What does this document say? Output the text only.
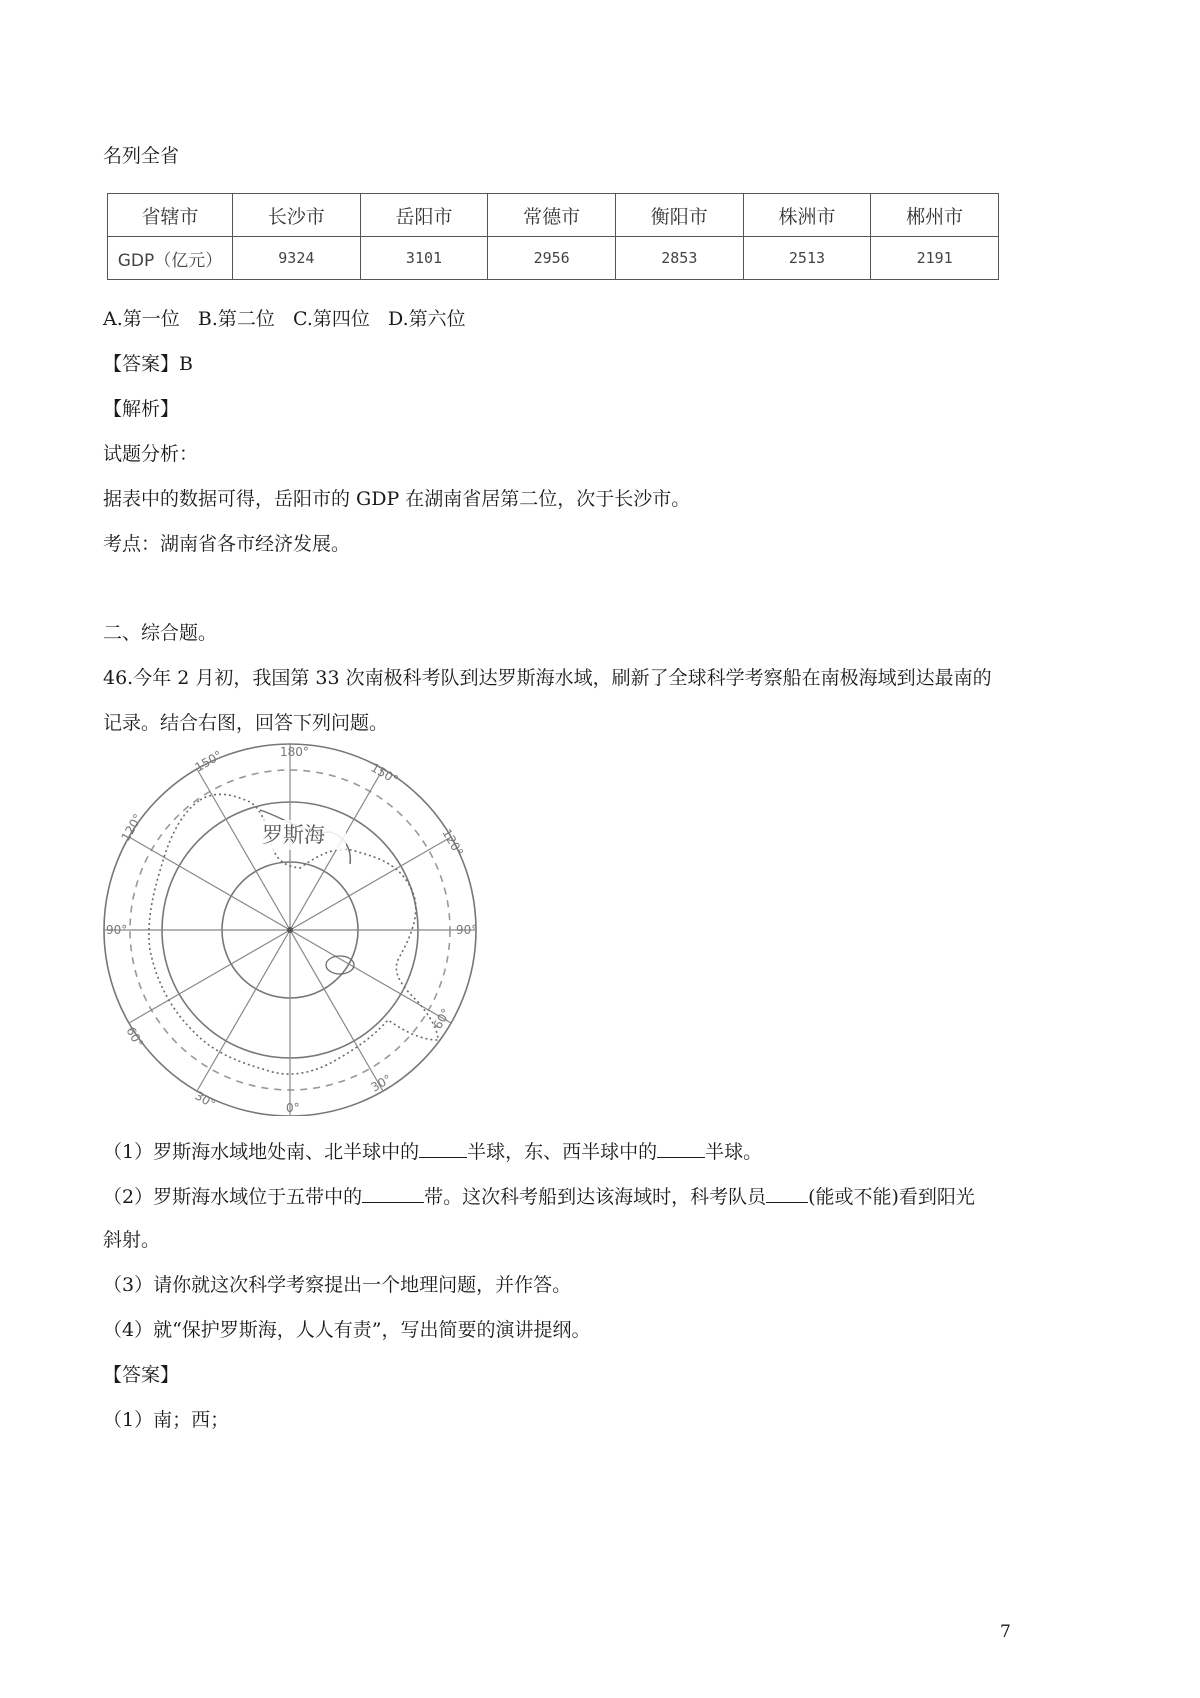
名列全省
省辖市	长沙市	岳阳市	常德市	衡阳市	株洲市	郴州市
GDP（亿元）	9324	3101	2956	2853	2513	2191
A.第一位   B.第二位   C.第四位   D.第六位
【答案】B
【解析】
试题分析：
据表中的数据可得，岳阳市的 GDP 在湖南省居第二位，次于长沙市。
考点：湖南省各市经济发展。
二、综合题。
46.今年 2 月初，我国第 33 次南极科考队到达罗斯海水域，刷新了全球科学考察船在南极海域到达最南的
记录。结合右图，回答下列问题。
罗斯海
180°
150°	150°
120°	120°
90°	90°
60°
60°
30°
30°
0°
（1）罗斯海水域地处南、北半球中的	半球，东、西半球中的	半球。
（2）罗斯海水域位于五带中的	带。这次科考船到达该海域时，科考队员 (能或不能)看到阳光
斜射。
（3）请你就这次科学考察提出一个地理问题，并作答。
（4）就“保护罗斯海，人人有责”，写出简要的演讲提纲。
【答案】
（1）南；西；
7
